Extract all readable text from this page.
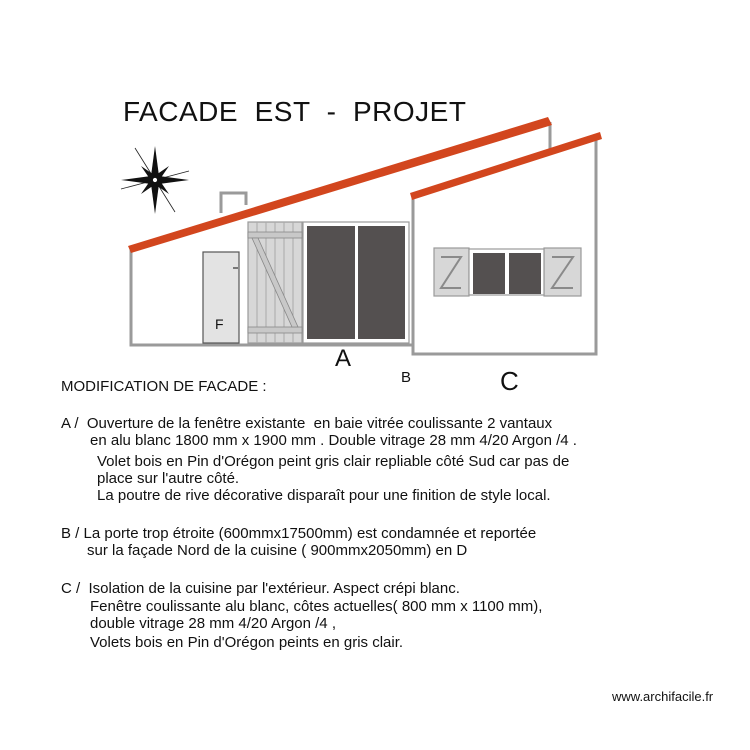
FACADE  EST  -  PROJET
F
A
B	C
MODIFICATION DE FACADE :
A /  Ouverture de la fenêtre existante  en baie vitrée coulissante 2 vantaux
en alu blanc 1800 mm x 1900 mm . Double vitrage 28 mm 4/20 Argon /4 .
Volet bois en Pin d'Orégon peint gris clair repliable côté Sud car pas de
place sur l'autre côté.
La poutre de rive décorative disparaît pour une finition de style local.
B / La porte trop étroite (600mmx17500mm) est condamnée et reportée
sur la façade Nord de la cuisine ( 900mmx2050mm) en D
C /  Isolation de la cuisine par l'extérieur. Aspect crépi blanc.
Fenêtre coulissante alu blanc, côtes actuelles( 800 mm x 1100 mm),
double vitrage 28 mm 4/20 Argon /4 ,
Volets bois en Pin d'Orégon peints en gris clair.
www.archifacile.fr
